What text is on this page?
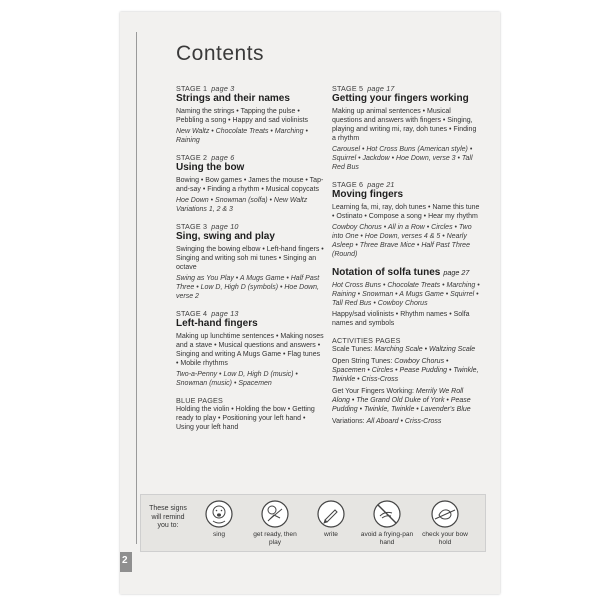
Contents
STAGE 1 page 3
Strings and their names
Naming the strings • Tapping the pulse • Pebbling a song • Happy and sad violinists
New Waltz • Chocolate Treats • Marching • Raining
STAGE 2 page 6
Using the bow
Bowing • Bow games • James the mouse • Tap-and-say • Finding a rhythm • Musical copycats
Hoe Down • Snowman (solfa) • New Waltz Variations 1, 2 & 3
STAGE 3 page 10
Sing, swing and play
Swinging the bowing elbow • Left-hand fingers • Singing and writing soh mi tunes • Singing an octave
Swing as You Play • A Mugs Game • Half Past Three • Low D, High D (symbols) • Hoe Down, verse 2
STAGE 4 page 13
Left-hand fingers
Making up lunchtime sentences • Making noses and a stave • Musical questions and answers • Singing and writing A Mugs Game • Flag tunes • Mobile rhythms
Two-a-Penny • Low D, High D (music) • Snowman (music) • Spacemen
BLUE PAGES
Holding the violin • Holding the bow • Getting ready to play • Positioning your left hand • Using your left hand
STAGE 5 page 17
Getting your fingers working
Making up animal sentences • Musical questions and answers with fingers • Singing, playing and writing mi, ray, doh tunes • Finding a rhythm
Carousel • Hot Cross Buns (American style) • Squirrel • Jackdow • Hoe Down, verse 3 • Tall Red Bus
STAGE 6 page 21
Moving fingers
Learning fa, mi, ray, doh tunes • Name this tune • Ostinato • Compose a song • Hear my rhythm
Cowboy Chorus • All in a Row • Circles • Two into One • Hoe Down, verses 4 & 5 • Nearly Asleep • Three Brave Mice • Half Past Three (Round)
Notation of solfa tunes page 27
Hot Cross Buns • Chocolate Treats • Marching • Raining • Snowman • A Mugs Game • Squirrel • Tall Red Bus • Cowboy Chorus
Happy/sad violinists • Rhythm names • Solfa names and symbols
ACTIVITIES PAGES
Scale Tunes: Marching Scale • Waltzing Scale
Open String Tunes: Cowboy Chorus • Spacemen • Circles • Pease Pudding • Twinkle, Twinkle • Criss-Cross
Get Your Fingers Working: Merrily We Roll Along • The Grand Old Duke of York • Pease Pudding • Twinkle, Twinkle • Lavender's Blue
Variations: All Aboard • Criss-Cross
These signs will remind you to:
sing	get ready, then play
write	avoid a frying-pan hand
check your bow hold
2
